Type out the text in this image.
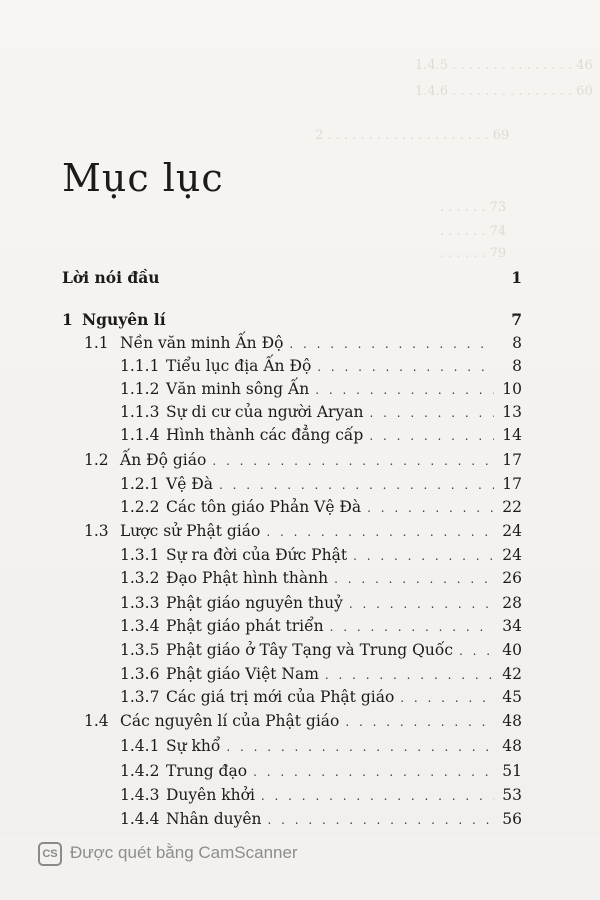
1.4.5 . . . . . . . . . . . . . . . 46
1.4.6 . . . . . . . . . . . . . . . 60
2 . . . . . . . . . . . . . . . . . . . . 69
. . . . . . 73
. . . . . . 74
. . . . . . 79
Mục lục
Lời nói đầu	1
1 Nguyên lí	7
1.1 Nền văn minh Ấn Độ . . .	8
1.1.1 Tiểu lục địa Ấn Độ . . .	8
1.1.2 Văn minh sông Ấn . . .	10
1.1.3 Sự di cư của người Aryan . . .	13
1.1.4 Hình thành các đẳng cấp . . .	14
1.2 Ấn Độ giáo . . .	17
1.2.1 Vệ Đà . . .	17
1.2.2 Các tôn giáo Phản Vệ Đà . . .	22
1.3 Lược sử Phật giáo . . .	24
1.3.1 Sự ra đời của Đức Phật . . .	24
1.3.2 Đạo Phật hình thành . . .	26
1.3.3 Phật giáo nguyên thuỷ . . .	28
1.3.4 Phật giáo phát triển . . .	34
1.3.5 Phật giáo ở Tây Tạng và Trung Quốc . . .	40
1.3.6 Phật giáo Việt Nam . . .	42
1.3.7 Các giá trị mới của Phật giáo . . .	45
1.4 Các nguyên lí của Phật giáo . . .	48
1.4.1 Sự khổ . . .	48
1.4.2 Trung đạo . . .	51
1.4.3 Duyên khởi . . .	53
1.4.4 Nhân duyên . . .	56
CS Được quét bằng CamScanner
